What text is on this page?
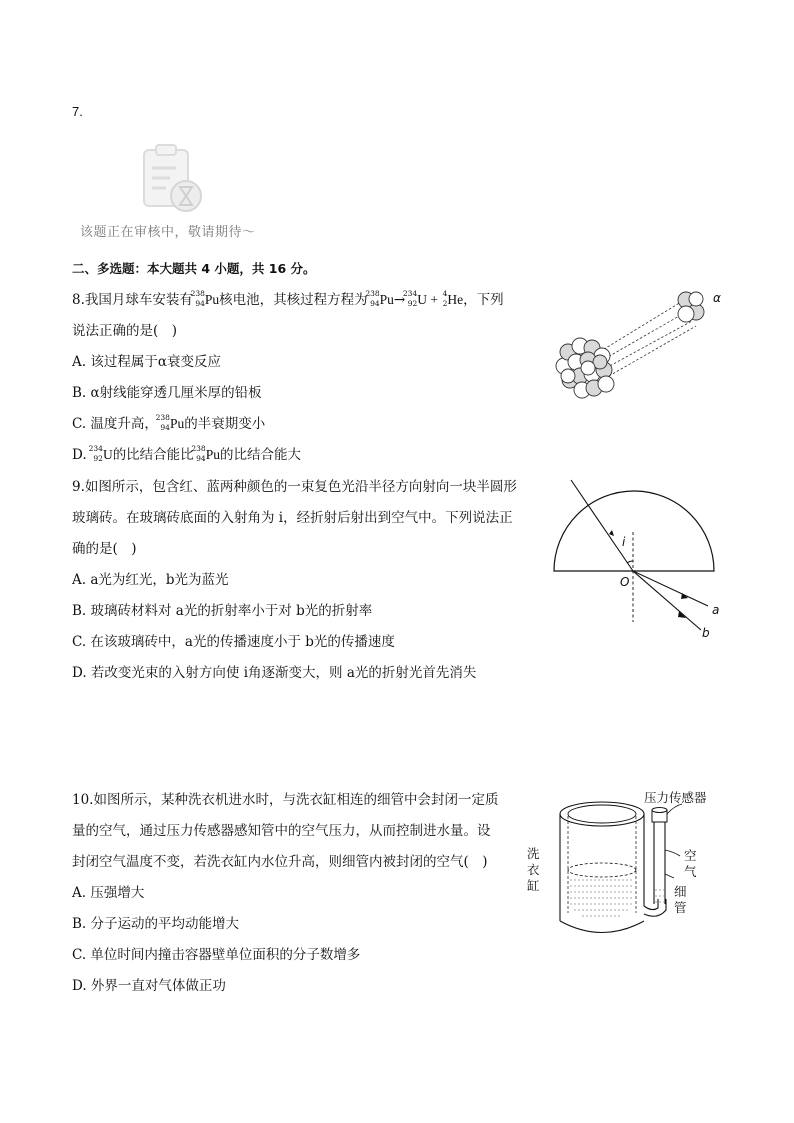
7.
该题正在审核中，敬请期待～
二、多选题：本大题共 4 小题，共 16 分。
8.我国月球车安装有
238
94 Pu核电池，其核过程方程为
238
94 Pu→
234
92 U + 4
2 He，下列
说法正确的是(　)
A. 该过程属于α衰变反应
B. α射线能穿透几厘米厚的铅板
C. 温度升高，
238
94 Pu的半衰期变小
D.
234
92 U的比结合能比
238
94 Pu的比结合能大
α
9.如图所示，包含红、蓝两种颜色的一束复色光沿半径方向射向一块半圆形
玻璃砖。在玻璃砖底面的入射角为 i，经折射后射出到空气中。下列说法正
确的是(　)
A. a光为红光，b光为蓝光
B. 玻璃砖材料对 a光的折射率小于对 b光的折射率
C. 在该玻璃砖中，a光的传播速度小于 b光的传播速度
D. 若改变光束的入射方向使 i角逐渐变大，则 a光的折射光首先消失
i
O
a
b
10.如图所示，某种洗衣机进水时，与洗衣缸相连的细管中会封闭一定质
量的空气，通过压力传感器感知管中的空气压力，从而控制进水量。设
封闭空气温度不变，若洗衣缸内水位升高，则细管内被封闭的空气(　)
A. 压强增大
B. 分子运动的平均动能增大
C. 单位时间内撞击容器壁单位面积的分子数增多
D. 外界一直对气体做正功
压力传感器
洗
衣
缸
空
气
细
管
